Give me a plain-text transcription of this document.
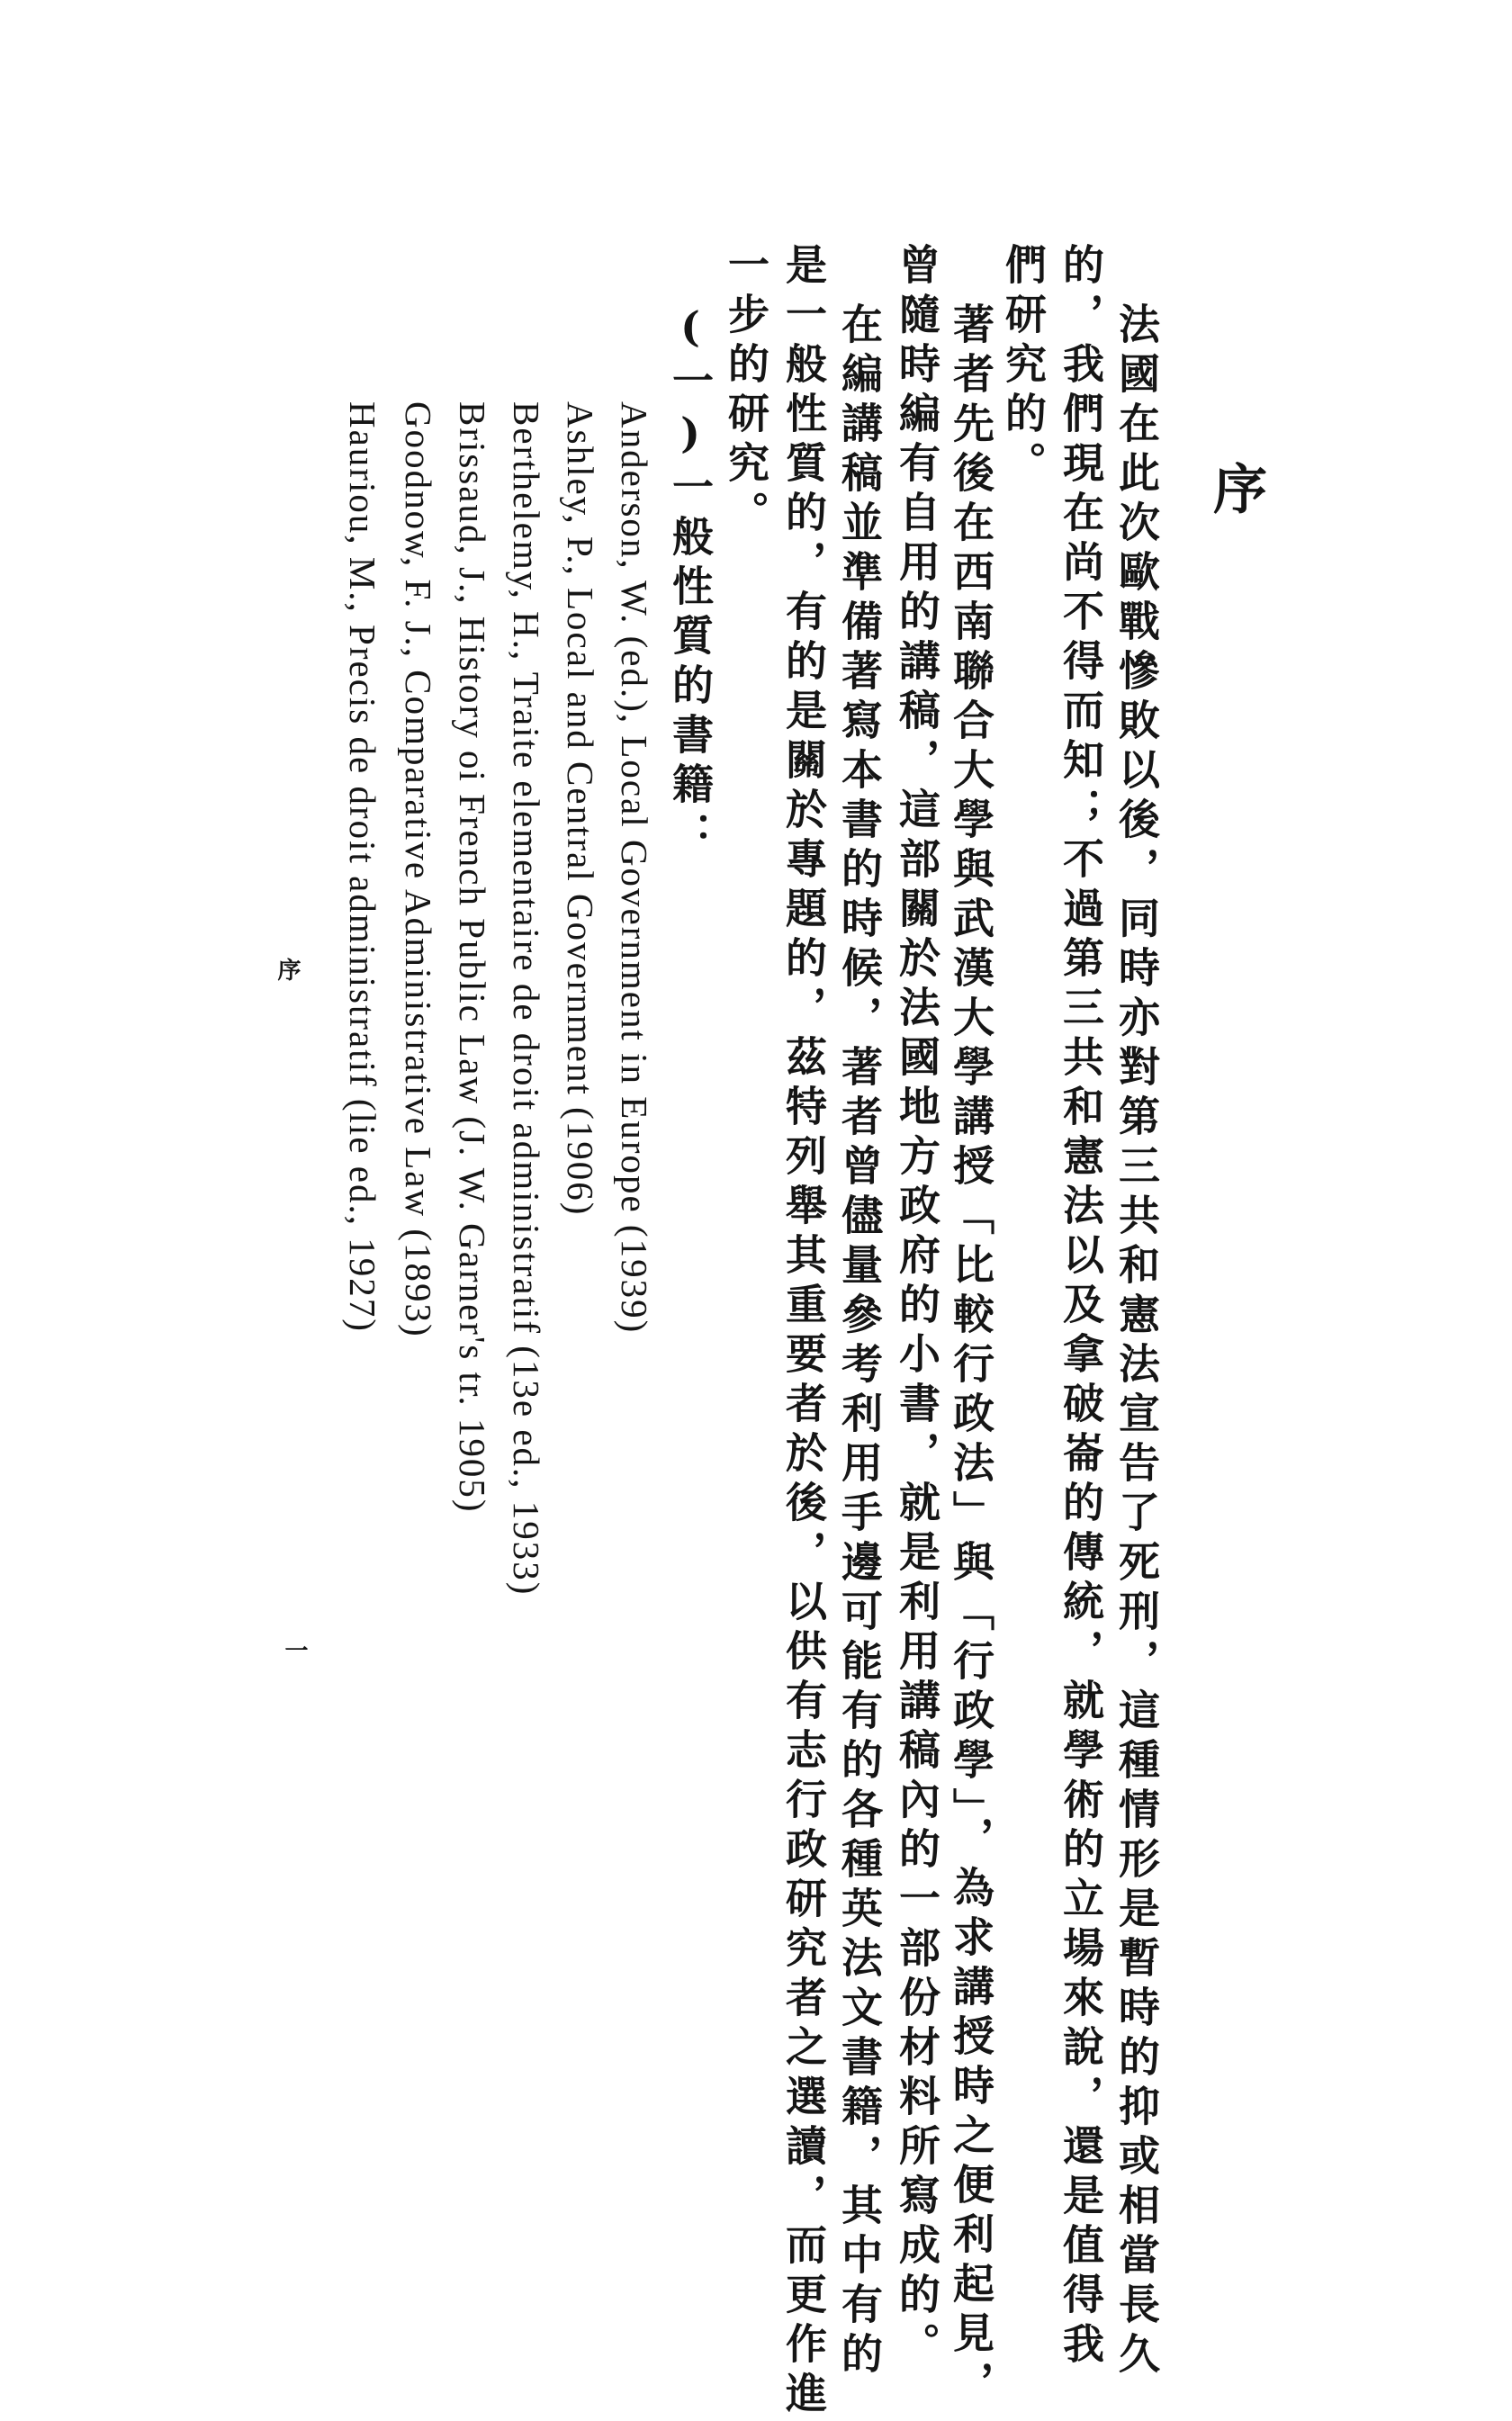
序
法國在此次歐戰慘敗以後，同時亦對第三共和憲法宣告了死刑，這種情形是暫時的抑或相當長久
的，我們現在尚不得而知；不過第三共和憲法以及拿破崙的傳統，就學術的立場來說，還是值得我
們研究的。
著者先後在西南聯合大學與武漢大學講授「比較行政法」與「行政學」，為求講授時之便利起見，
曾隨時編有自用的講稿，這部關於法國地方政府的小書，就是利用講稿內的一部份材料所寫成的。
在編講稿並準備著寫本書的時候，著者曾儘量參考利用手邊可能有的各種英法文書籍，其中有的
是一般性質的，有的是關於專題的，茲特列舉其重要者於後，以供有志行政研究者之選讀，而更作進
一步的研究。
(一)一般性質的書籍：
Anderson, W. (ed.), Local Government in Europe (1939)
Ashley, P., Local and Central Government (1906)
Berthelemy, H., Traite elementaire de droit administratif (13e ed., 1933)
Brissaud, J., History oi French Public Law (J. W. Garner's tr. 1905)
Goodnow, F. J., Comparative Administrative Law (1893)
Hauriou, M., Precis de droit administratif (lie ed., 1927)
序
一
